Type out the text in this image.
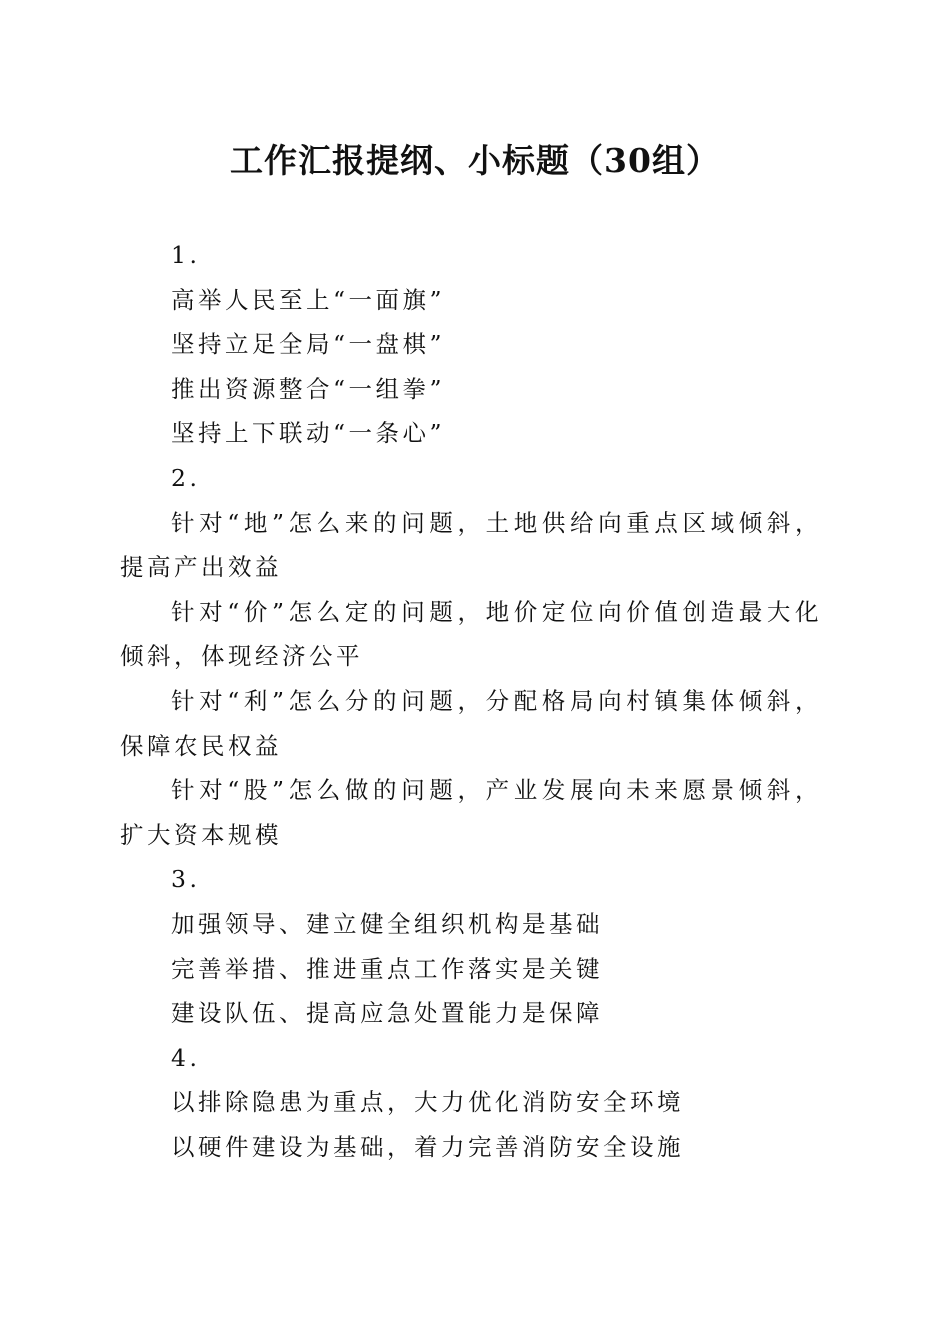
工作汇报提纲、小标题（30组）

1.

高举人民至上“一面旗”

坚持立足全局“一盘棋”

推出资源整合“一组拳”

坚持上下联动“一条心”

2.

针对“地”怎么来的问题，土地供给向重点区域倾斜，提高产出效益

针对“价”怎么定的问题，地价定位向价值创造最大化倾斜，体现经济公平

针对“利”怎么分的问题，分配格局向村镇集体倾斜，保障农民权益

针对“股”怎么做的问题，产业发展向未来愿景倾斜，扩大资本规模

3.

加强领导、建立健全组织机构是基础

完善举措、推进重点工作落实是关键

建设队伍、提高应急处置能力是保障

4.

以排除隐患为重点，大力优化消防安全环境

以硬件建设为基础，着力完善消防安全设施
